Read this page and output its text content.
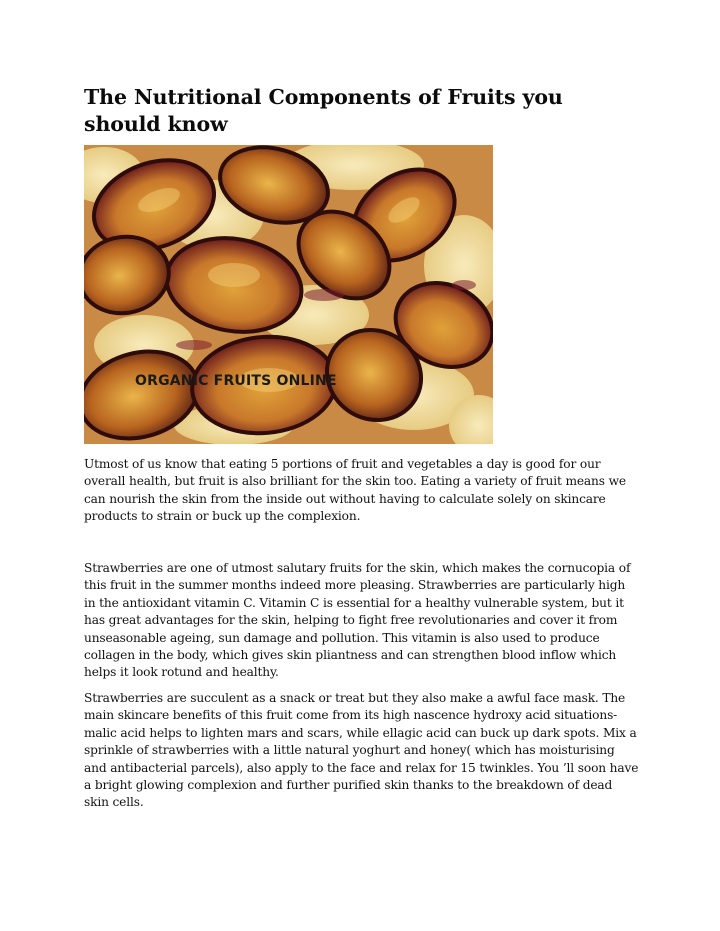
The Nutritional Components of Fruits you should know
ORGANIC FRUITS ONLINE

Utmost of us know that eating 5 portions of fruit and vegetables a day is good for our overall health, but fruit is also brilliant for the skin too. Eating a variety of fruit means we can nourish the skin from the inside out without having to calculate solely on skincare products to strain or buck up the complexion.

Strawberries are one of utmost salutary fruits for the skin, which makes the cornucopia of this fruit in the summer months indeed more pleasing. Strawberries are particularly high in the antioxidant vitamin C. Vitamin C is essential for a healthy vulnerable system, but it has great advantages for the skin, helping to fight free revolutionaries and cover it from unseasonable ageing, sun damage and pollution. This vitamin is also used to produce collagen in the body, which gives skin pliantness and can strengthen blood inflow which helps it look rotund and healthy.

Strawberries are succulent as a snack or treat but they also make a awful face mask. The main skincare benefits of this fruit come from its high nascence hydroxy acid situations- malic acid helps to lighten mars and scars, while ellagic acid can buck up dark spots. Mix a sprinkle of strawberries with a little natural yoghurt and honey( which has moisturising and antibacterial parcels), also apply to the face and relax for 15 twinkles. You ’ll soon have a bright glowing complexion and further purified skin thanks to the breakdown of dead skin cells.
